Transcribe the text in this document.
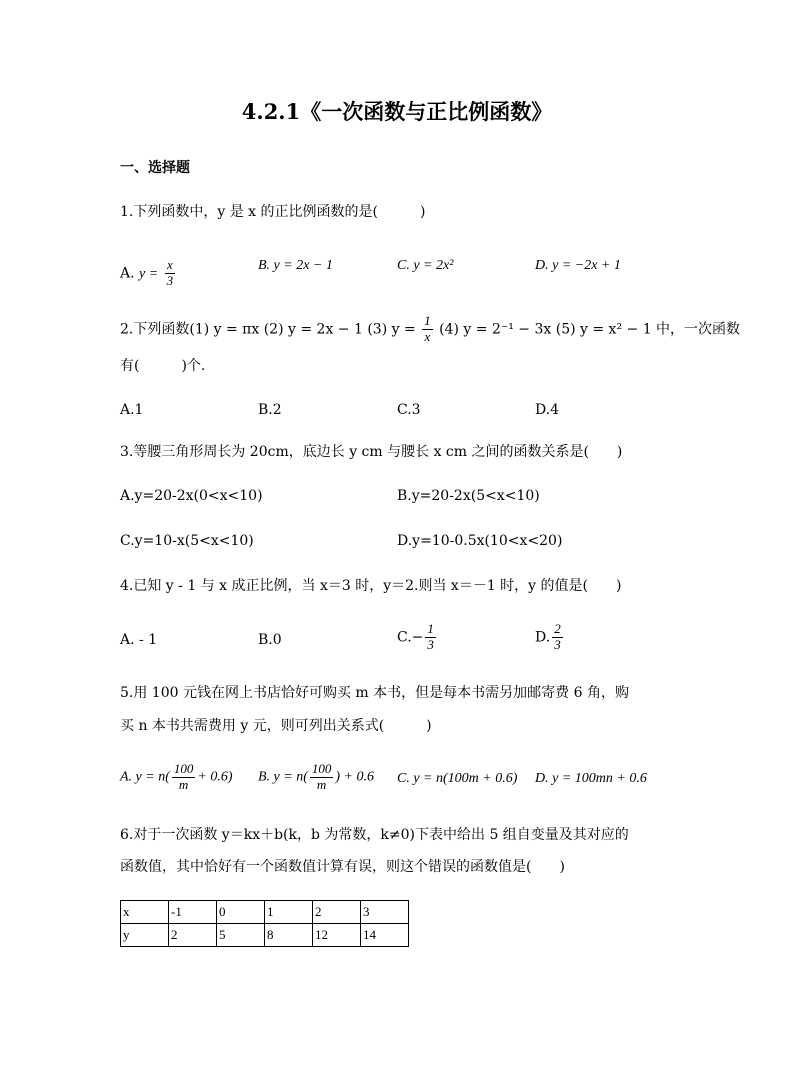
4.2.1《一次函数与正比例函数》
一、选择题
1.下列函数中，y 是 x 的正比例函数的是(　　　)
A. $y = \frac{x}{3}$	B. y = 2x − 1	C. y = 2x²	D. y = −2x + 1
2.下列函数(1) y = πx (2) y = 2x − 1 (3) $y = \frac{1}{x} (4) y = 2^{-1} - 3x$ (5) y = x² − 1 中，一次函数
有(　　　)个.
A.1	B.2	C.3	D.4
3.等腰三角形周长为 20cm，底边长 y cm 与腰长 x cm 之间的函数关系是(　　)
A.y=20-2x(0<x<10)	B.y=20-2x(5<x<10)
C.y=10-x(5<x<10)	D.y=10-0.5x(10<x<20)
4.已知 y - 1 与 x 成正比例，当 x＝3 时，y＝2.则当 x＝－1 时，y 的值是(　　)
A. - 1	B.0	$C.- \frac{1}{3}$	D. $\frac{2}{3}$
5.用 100 元钱在网上书店恰好可购买 m 本书，但是每本书需另加邮寄费 6 角，购
买 n 本书共需费用 y 元，则可列出关系式(　　　)
A. $y = n( \frac{100}{m} + 0.6)$ B. $y = n( \frac{100}{m}$ ) + 0.6 C. y = n(100m + 0.6) D. y = 100mn + 0.6
6.对于一次函数 y＝kx＋b(k，b 为常数，k≠0)下表中给出 5 组自变量及其对应的
函数值，其中恰好有一个函数值计算有误，则这个错误的函数值是(　　)
x	-1	0	1	2	3
y	2	5	8	12	14
